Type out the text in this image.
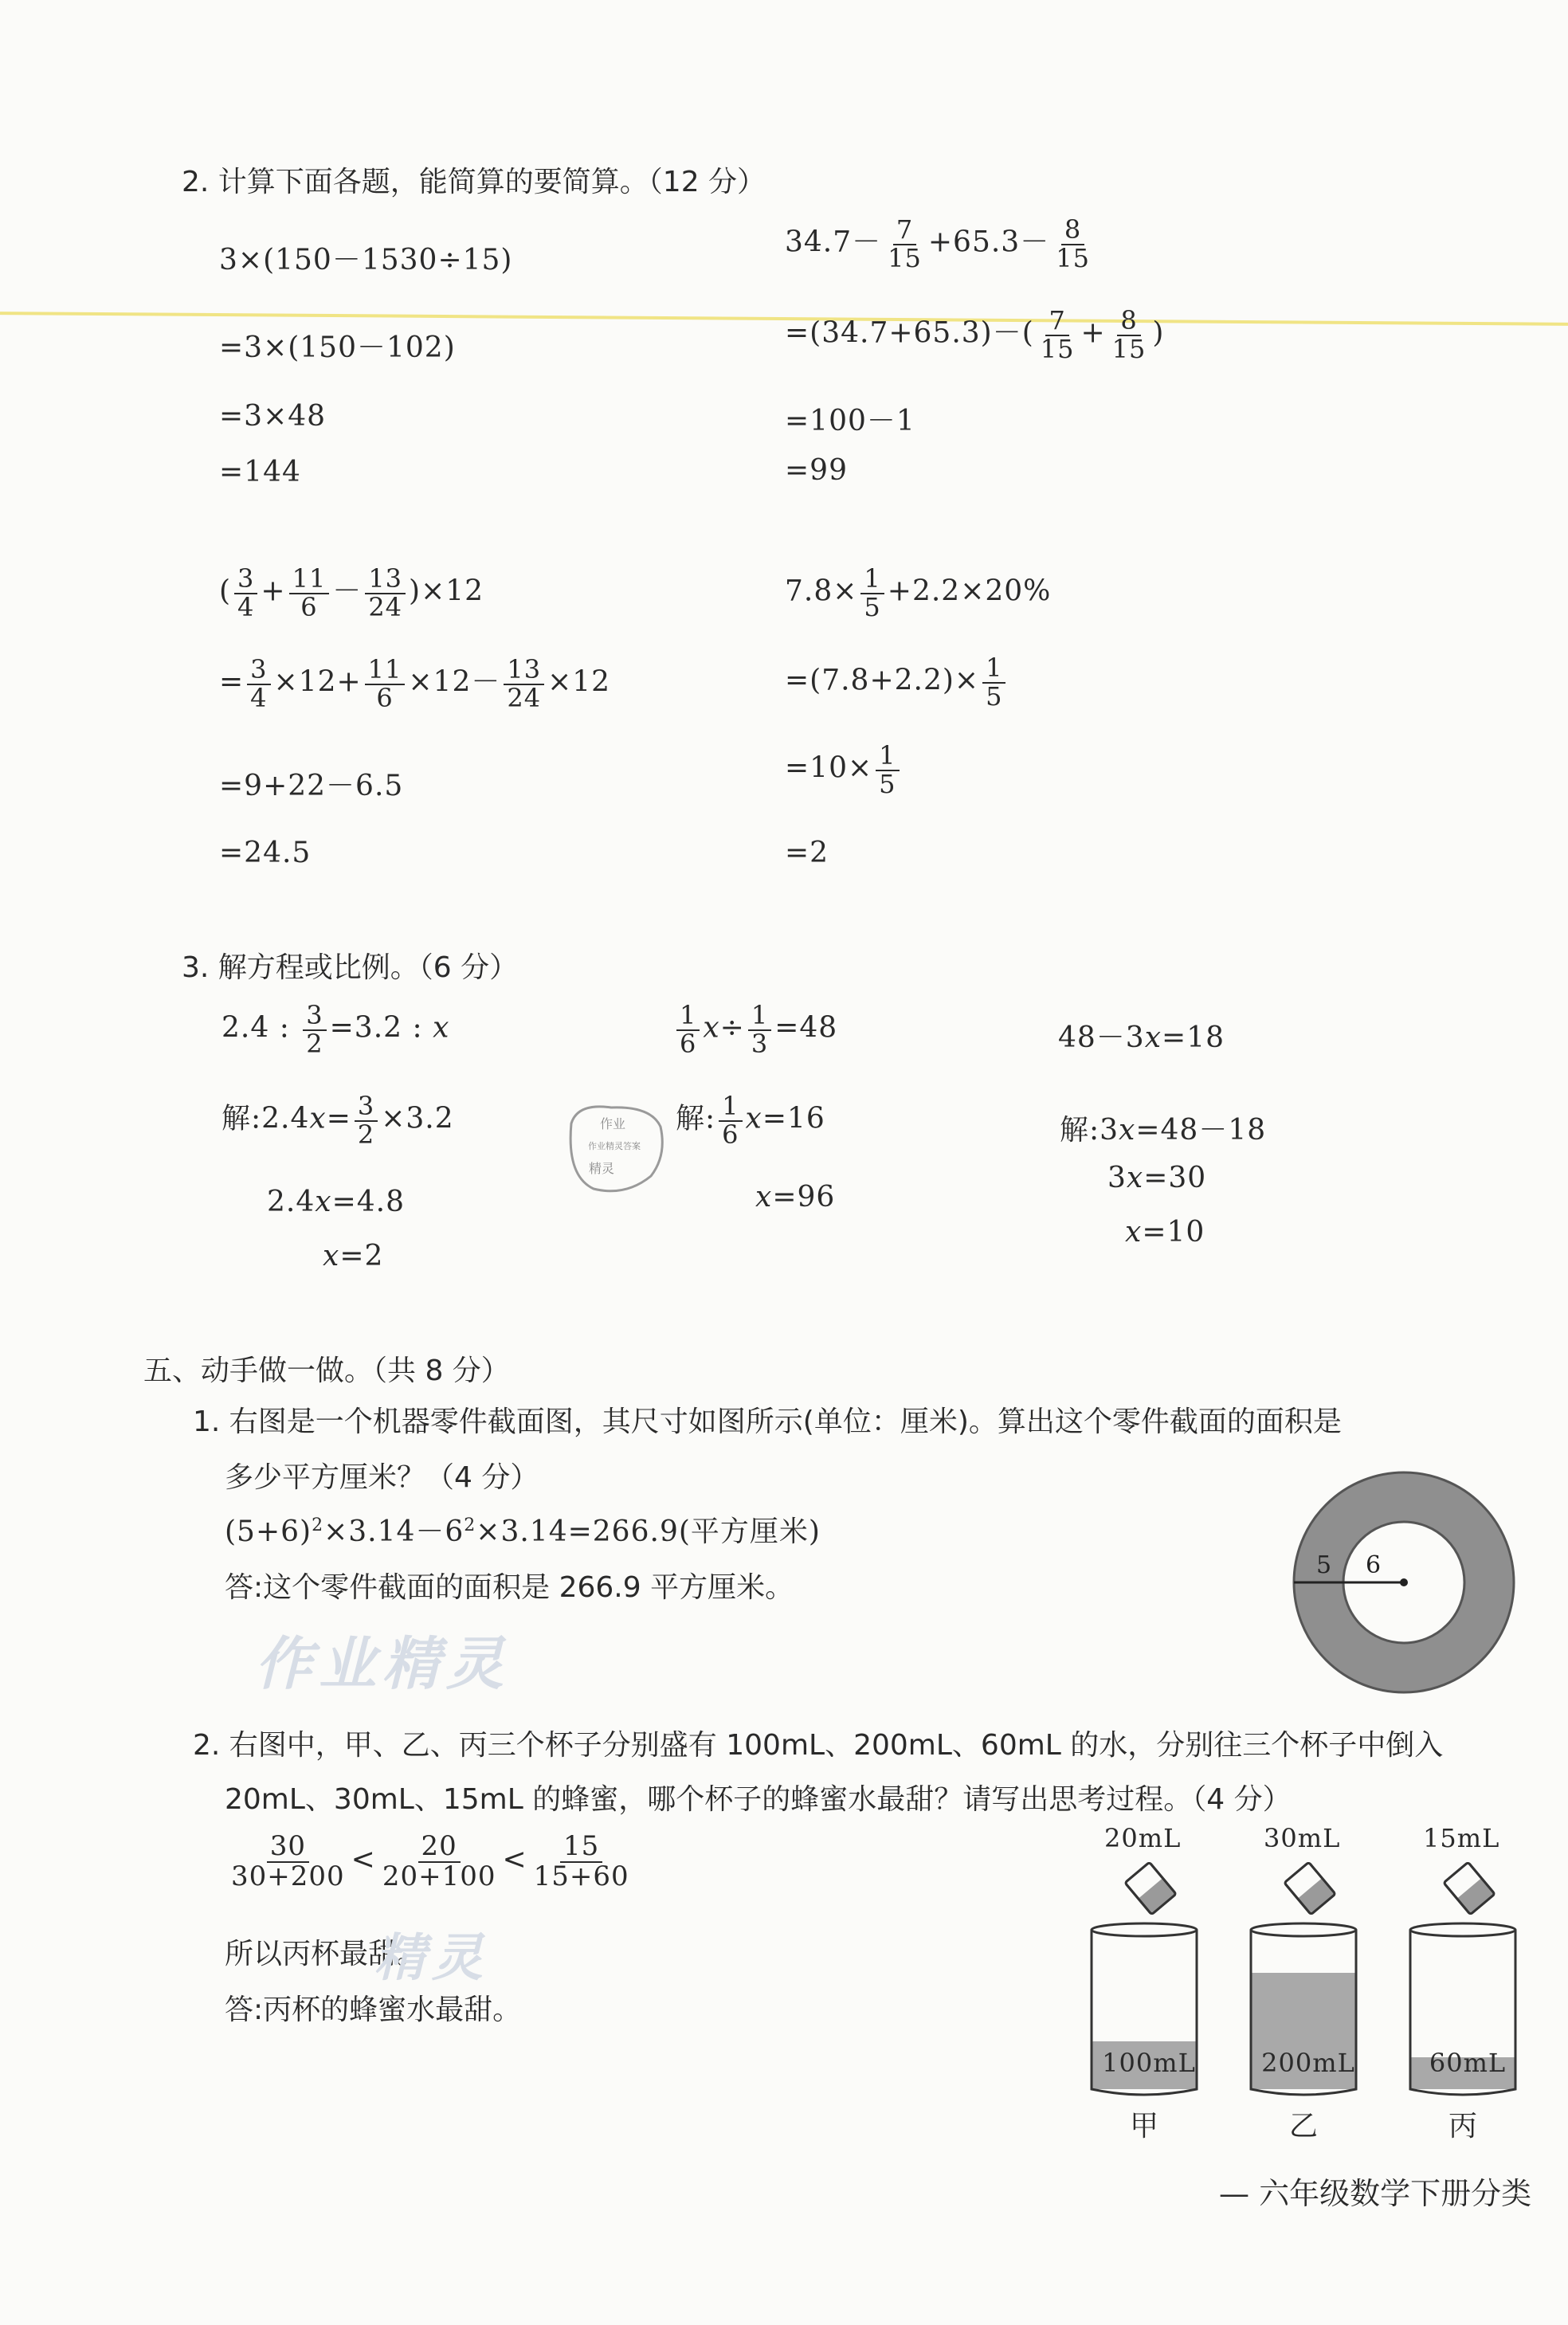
2. 计算下面各题，能简算的要简算。（12 分）
3×(150－1530÷15)
=3×(150－102)
=3×48
=144
$34.7- \frac{7}{15} +65.3- \frac{8}{15}$
$=(34.7+65.3)-( \frac{7}{15} + \frac{8}{15}$ )
=100－1
=99
( $\frac{3}{4} + \frac{11}{6} - \frac{13}{24} )\times 12$
= $\frac{3}{4} \times 12+ \frac{11}{6} \times 12- \frac{13}{24} \times 12$
=9+22－6.5
=24.5
$7.8\times \frac{1}{5} +2.2\times 20\%$
$=(7.8+2.2)\times \frac{1}{5}$
$=10\times \frac{1}{5}$
=2
3. 解方程或比例。（6 分）
2.4 : $\frac{3}{2} =3.2$ : x
解:2.4x= $\frac{3}{2} \times 3.2$
2.4x=4.8
x=2
$\frac{1}{6} x\div \frac{1}{3} =48$
解: $\frac{1}{6} x=16$
x=96
48－3x=18
解:3x=48－18
3x=30
x=10
作业
作业精灵答案
精灵
五、动手做一做。（共 8 分）
1. 右图是一个机器零件截面图，其尺寸如图所示(单位：厘米)。算出这个零件截面的面积是
多少平方厘米？（4 分）
$(5+6)^2\times 3.14-6^2\times 3.14=266.9$(平方厘米)
答:这个零件截面的面积是 266.9 平方厘米。
作业精灵
5 6
2. 右图中，甲、乙、丙三个杯子分别盛有 100mL、200mL、60mL 的水，分别往三个杯子中倒入
20mL、30mL、15mL 的蜂蜜，哪个杯子的蜂蜜水最甜？请写出思考过程。（4 分）
$\frac{30}{30+200} < \frac{20}{20+100} < \frac{15}{15+60}$
所以丙杯最甜。
精灵
答:丙杯的蜂蜜水最甜。
20mL
100mL
甲
30mL
200mL
乙
15mL
60mL
丙
— 六年级数学下册分类
